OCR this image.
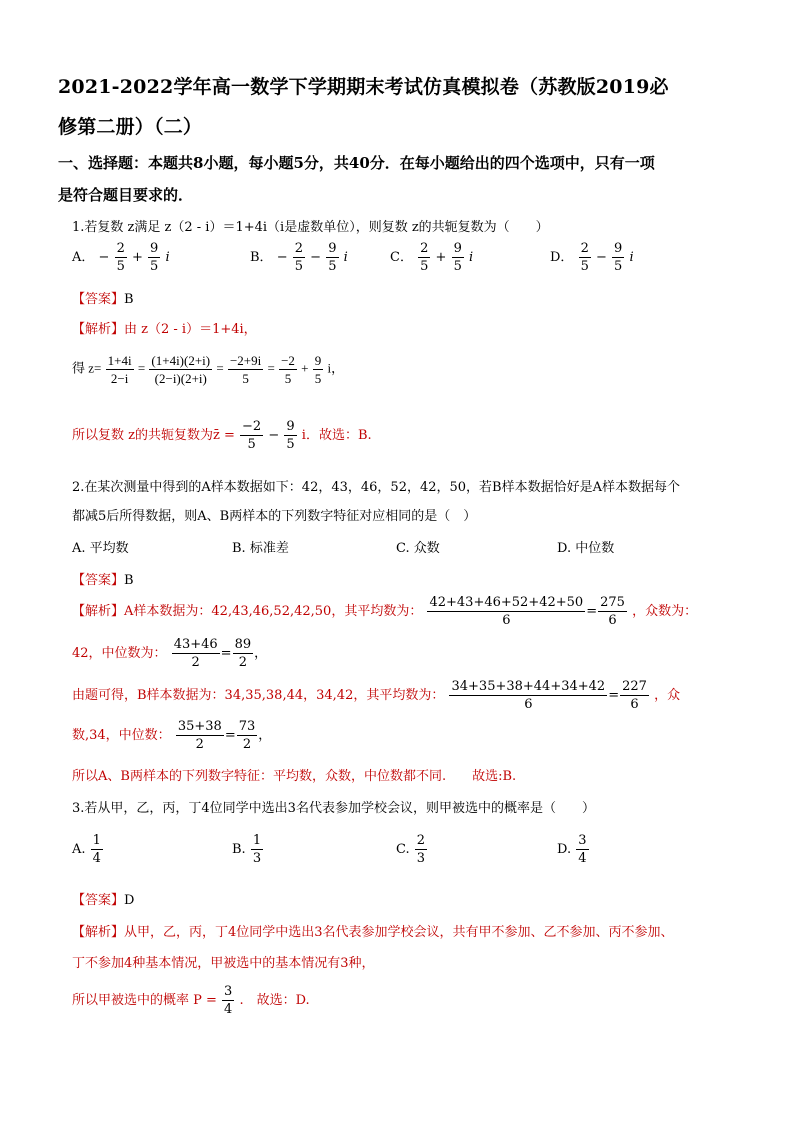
2021-2022学年高一数学下学期期末考试仿真模拟卷（苏教版2019必
修第二册）（二）
一、选择题：本题共8小题，每小题5分，共40分．在每小题给出的四个选项中，只有一项
是符合题目要求的．
1.若复数 z满足 z（2 - i）＝1+4i（i是虚数单位），则复数 z的共轭复数为（　　）
A． − $\frac{2}{5} + \frac{9}{5}$ i	B． − $\frac{2}{5} - \frac{9}{5}$ i	C． $\frac{2}{5} + \frac{9}{5}$ i	D． $\frac{2}{5} - \frac{9}{5}$ i
【答案】B
【解析】由 z（2 - i）＝1+4i，
得 $z= \frac{1+4i}{2-i} = \frac{(1+4i)(2+i)}{(2-i)(2+i)} = \frac{-2+9i}{5} = \frac{-2}{5} + \frac{9}{5}$ i，
所以复数 z的共轭复数为z̄ = $\frac{-2}{5} - \frac{9}{5}$ i．故选：B.
2.在某次测量中得到的A样本数据如下：42，43，46，52，42，50，若B样本数据恰好是A样本数据每个
都减5后所得数据，则A、B两样本的下列数字特征对应相同的是（　）
A. 平均数	B. 标准差	C. 众数	D. 中位数
【答案】B
【解析】A样本数据为：42,43,46,52,42,50，其平均数为： $\frac{42+43+46+52+42+50}{6} = \frac{275}{6}$ ，众数为：
42，中位数为： $\frac{43+46}{2} = \frac{89}{2}$ ，
由题可得，B样本数据为：34,35,38,44，34,42，其平均数为： $\frac{34+35+38+44+34+42}{6} = \frac{227}{6}$ ，众
数,34，中位数： $\frac{35+38}{2} = \frac{73}{2}$ ，
所以A、B两样本的下列数字特征：平均数，众数，中位数都不同.　　故选:B.
3.若从甲，乙，丙，丁4位同学中选出3名代表参加学校会议，则甲被选中的概率是（　　）
A. $\frac{1}{4}$	B. $\frac{1}{3}$	C. $\frac{2}{3}$	D. $\frac{3}{4}$
【答案】D
【解析】从甲，乙，丙，丁4位同学中选出3名代表参加学校会议，共有甲不参加、乙不参加、丙不参加、
丁不参加4种基本情况，甲被选中的基本情况有3种，
所以甲被选中的概率 $P = \frac{3}{4}$ .　故选：D.
